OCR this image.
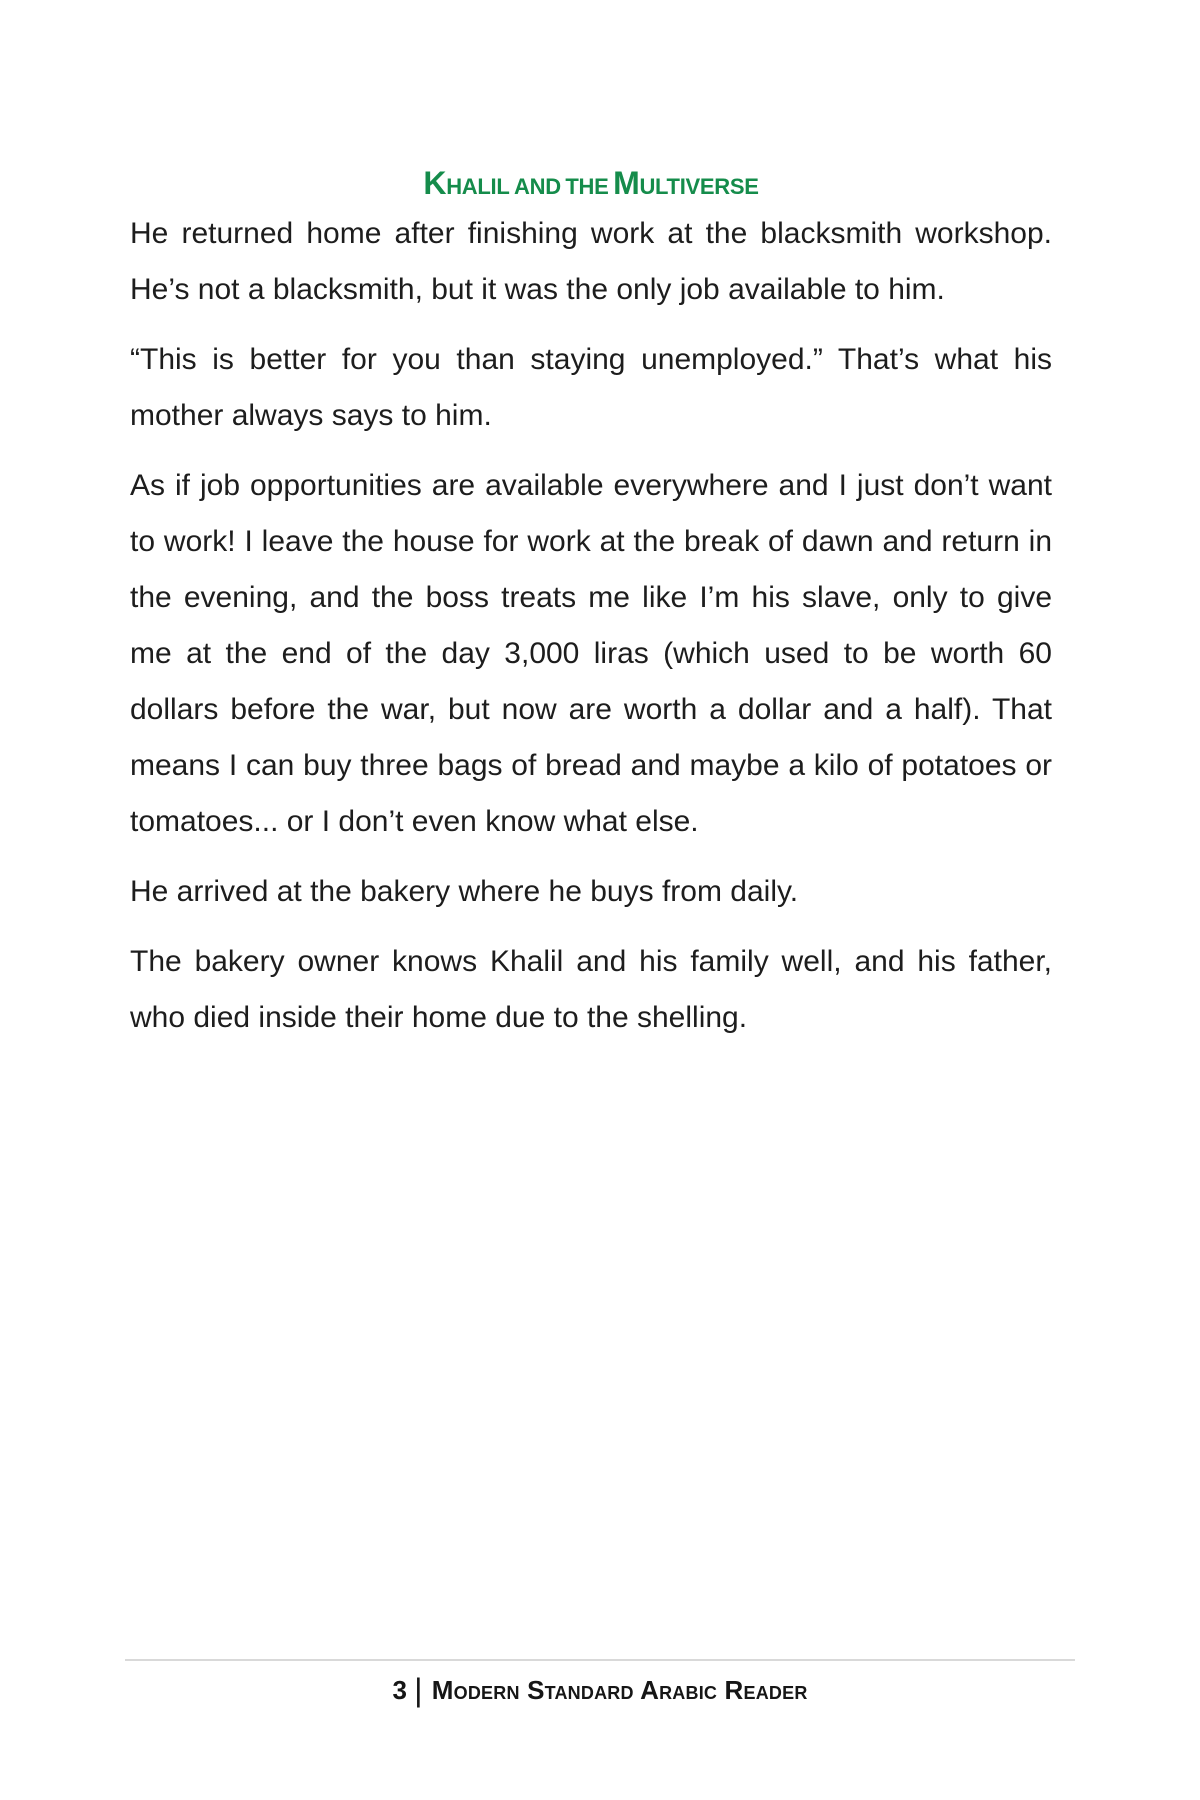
Khalil and the Multiverse

He returned home after finishing work at the blacksmith workshop. He’s not a blacksmith, but it was the only job available to him.

“This is better for you than staying unemployed.” That’s what his mother always says to him.

As if job opportunities are available everywhere and I just don’t want to work! I leave the house for work at the break of dawn and return in the evening, and the boss treats me like I’m his slave, only to give me at the end of the day 3,000 liras (which used to be worth 60 dollars before the war, but now are worth a dollar and a half). That means I can buy three bags of bread and maybe a kilo of potatoes or tomatoes... or I don’t even know what else.

He arrived at the bakery where he buys from daily.

The bakery owner knows Khalil and his family well, and his father, who died inside their home due to the shelling.

3 | Modern Standard Arabic Reader
